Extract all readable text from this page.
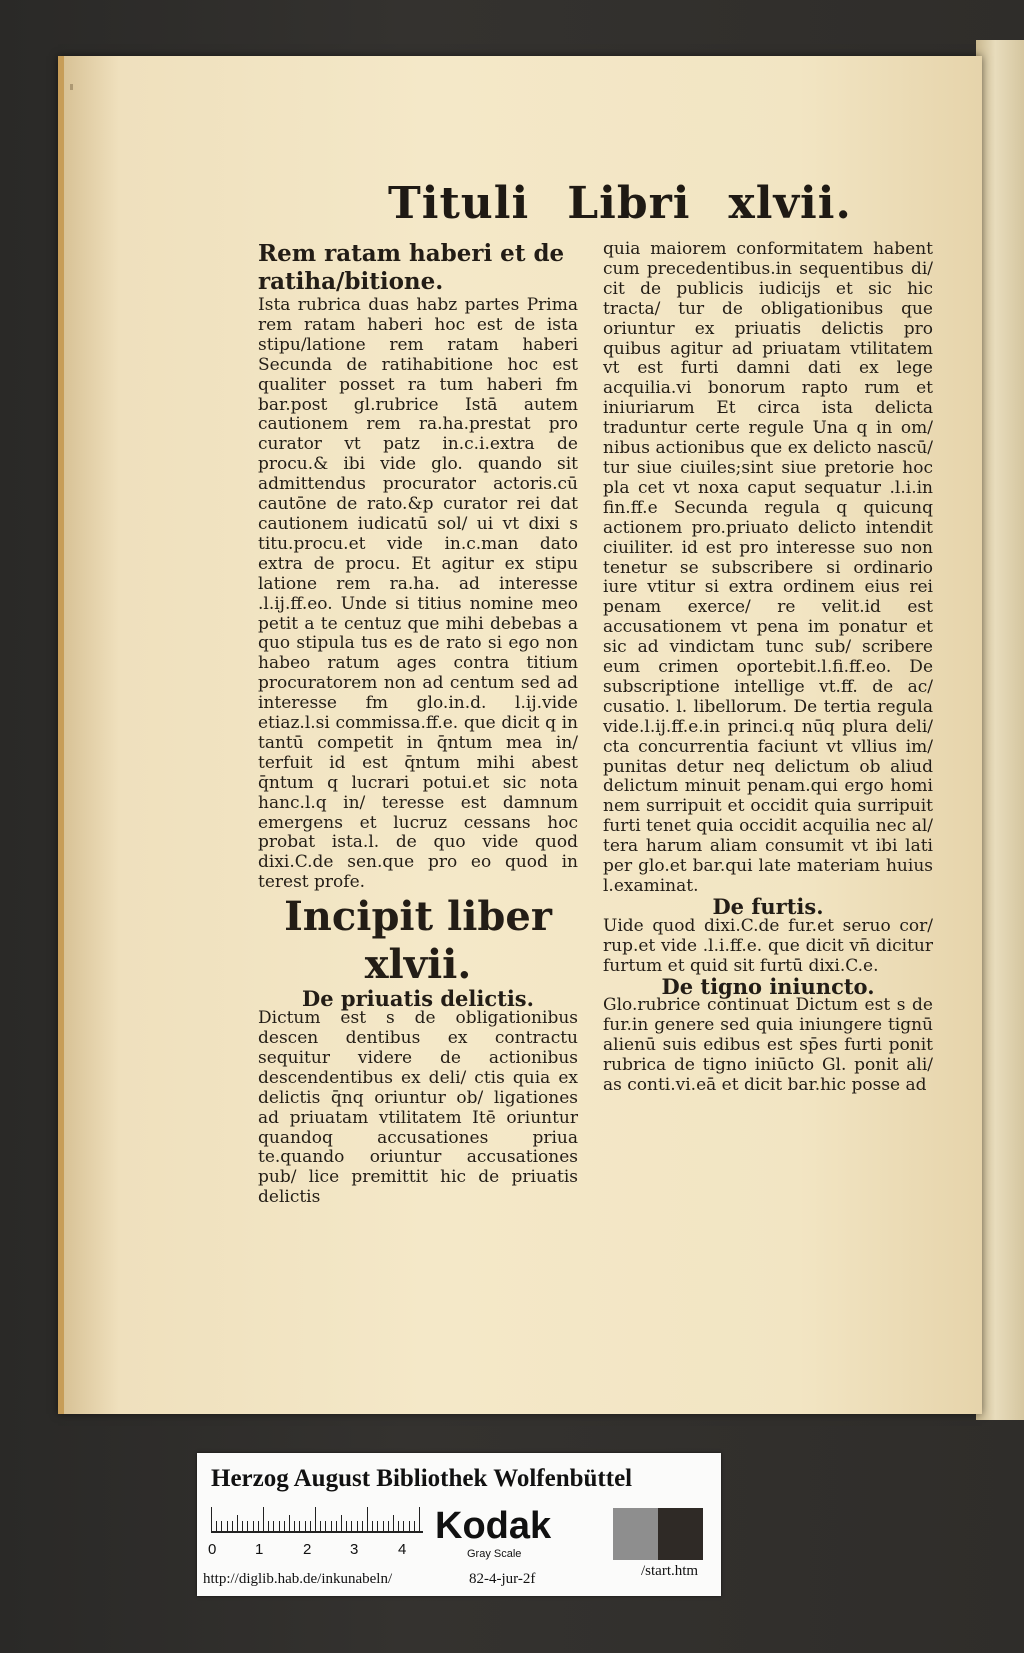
Tituli Libri xlvii.

Rem ratam haberi et de ratiha/bitione.

Ista rubrica duas habz partes Prima rem ratam haberi hoc est de ista stipu/latione rem ratam haberi Secunda de ratihabitione hoc est qualiter posset ra tum haberi fm bar.post gl.rubrice Istā autem cautionem rem ra.ha.prestat pro curator vt patz in.c.i.extra de procu.& ibi vide glo. quando sit admittendus procurator actoris.cū cautōne de rato.&p curator rei dat cautionem iudicatū sol/ ui vt dixi s titu.procu.et vide in.c.man dato extra de procu. Et agitur ex stipu latione rem ra.ha. ad interesse .l.ij.ff.eo. Unde si titius nomine meo petit a te centuz que mihi debebas a quo stipula tus es de rato si ego non habeo ratum ages contra titium procuratorem non ad centum sed ad interesse fm glo.in.d. l.ij.vide etiaz.l.si commissa.ff.e. que dicit q in tantū competit in q̄ntum mea in/ terfuit id est q̄ntum mihi abest q̄ntum q lucrari potui.et sic nota hanc.l.q in/ teresse est damnum emergens et lucruz cessans hoc probat ista.l. de quo vide quod dixi.C.de sen.que pro eo quod in terest profe.

Incipit liber xlvii.

De priuatis delictis.

Dictum est s de obligationibus descen dentibus ex contractu sequitur videre de actionibus descendentibus ex deli/ ctis quia ex delictis q̄nq oriuntur ob/ ligationes ad priuatam vtilitatem Itē oriuntur quandoq accusationes priua te.quando oriuntur accusationes pub/ lice premittit hic de priuatis delictis

quia maiorem conformitatem habent cum precedentibus.in sequentibus di/ cit de publicis iudicijs et sic hic tracta/ tur de obligationibus que oriuntur ex priuatis delictis pro quibus agitur ad priuatam vtilitatem vt est furti damni dati ex lege acquilia.vi bonorum rapto rum et iniuriarum Et circa ista delicta traduntur certe regule Una q in om/ nibus actionibus que ex delicto nascū/ tur siue ciuiles;sint siue pretorie hoc pla cet vt noxa caput sequatur .l.i.in fin.ff.e Secunda regula q quicunq actionem pro.priuato delicto intendit ciuiliter. id est pro interesse suo non tenetur se subscribere si ordinario iure vtitur si extra ordinem eius rei penam exerce/ re velit.id est accusationem vt pena im ponatur et sic ad vindictam tunc sub/ scribere eum crimen oportebit.l.fi.ff.eo. De subscriptione intellige vt.ff. de ac/ cusatio. l. libellorum. De tertia regula vide.l.ij.ff.e.in princi.q nūq plura deli/ cta concurrentia faciunt vt vllius im/ punitas detur neq delictum ob aliud delictum minuit penam.qui ergo homi nem surripuit et occidit quia surripuit furti tenet quia occidit acquilia nec al/ tera harum aliam consumit vt ibi lati per glo.et bar.qui late materiam huius l.examinat.

De furtis.

Uide quod dixi.C.de fur.et seruo cor/ rup.et vide .l.i.ff.e. que dicit vn̄ dicitur furtum et quid sit furtū dixi.C.e.

De tigno iniuncto.

Glo.rubrice continuat Dictum est s de fur.in genere sed quia iniungere tignū alienū suis edibus est sp̄es furti ponit rubrica de tigno iniūcto Gl. ponit ali/ as conti.vi.eā et dicit bar.hic posse ad

Herzog August Bibliothek Wolfenbüttel
0	1	2	3	4
Kodak
Gray Scale
http://diglib.hab.de/inkunabeln/	82-4-jur-2f	/start.htm
